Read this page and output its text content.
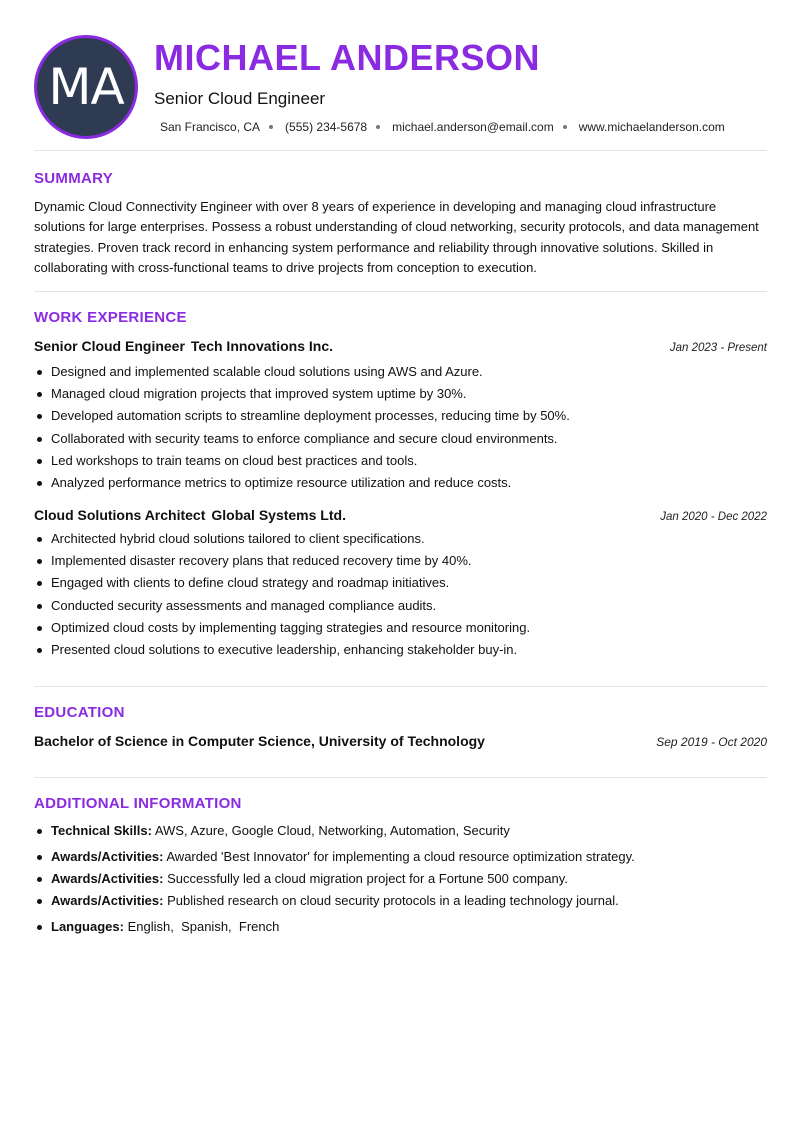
MA
MICHAEL ANDERSON
Senior Cloud Engineer
San Francisco, CA (555) 234-5678 michael.anderson@email.com www.michaelanderson.com
SUMMARY
Dynamic Cloud Connectivity Engineer with over 8 years of experience in developing and managing cloud infrastructure solutions for large enterprises. Possess a robust understanding of cloud networking, security protocols, and data management strategies. Proven track record in enhancing system performance and reliability through innovative solutions. Skilled in collaborating with cross-functional teams to drive projects from conception to execution.
WORK EXPERIENCE
Senior Cloud Engineer Tech Innovations Inc.	Jan 2023 - Present
Designed and implemented scalable cloud solutions using AWS and Azure.
Managed cloud migration projects that improved system uptime by 30%.
Developed automation scripts to streamline deployment processes, reducing time by 50%.
Collaborated with security teams to enforce compliance and secure cloud environments.
Led workshops to train teams on cloud best practices and tools.
Analyzed performance metrics to optimize resource utilization and reduce costs.
Cloud Solutions Architect Global Systems Ltd.	Jan 2020 - Dec 2022
Architected hybrid cloud solutions tailored to client specifications.
Implemented disaster recovery plans that reduced recovery time by 40%.
Engaged with clients to define cloud strategy and roadmap initiatives.
Conducted security assessments and managed compliance audits.
Optimized cloud costs by implementing tagging strategies and resource monitoring.
Presented cloud solutions to executive leadership, enhancing stakeholder buy-in.
EDUCATION
Bachelor of Science in Computer Science, University of Technology	Sep 2019 - Oct 2020
ADDITIONAL INFORMATION
Technical Skills: AWS, Azure, Google Cloud, Networking, Automation, Security
Awards/Activities: Awarded 'Best Innovator' for implementing a cloud resource optimization strategy.
Awards/Activities: Successfully led a cloud migration project for a Fortune 500 company.
Awards/Activities: Published research on cloud security protocols in a leading technology journal.
Languages: English,  Spanish,  French
